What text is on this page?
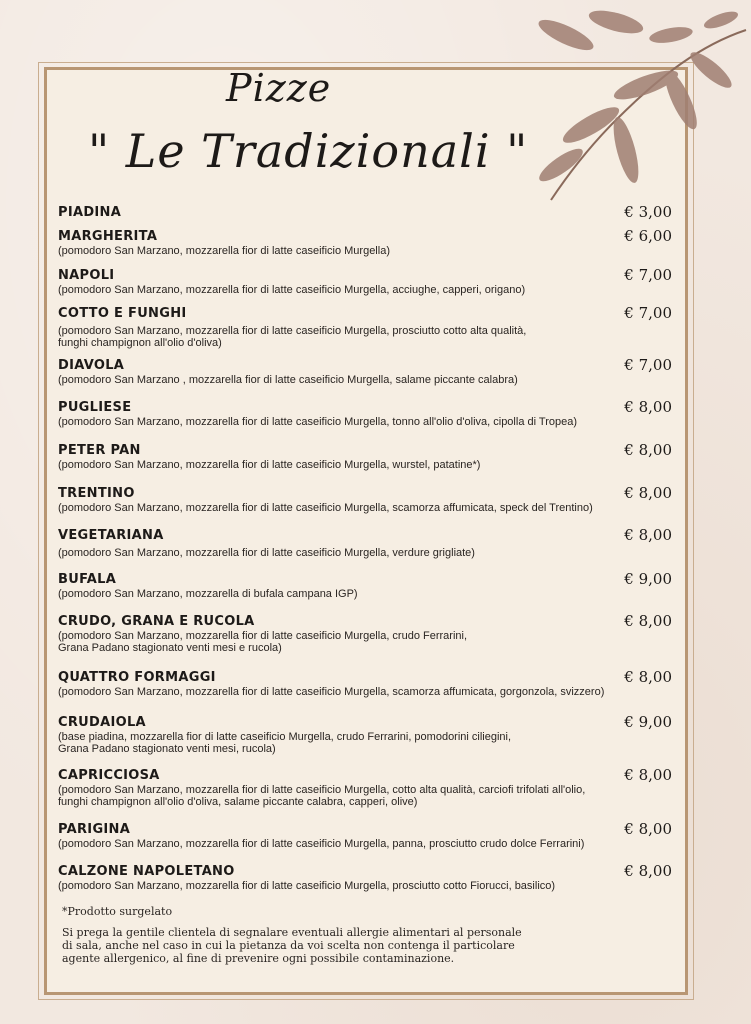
Pizze
" Le Tradizionali "
PIADINA	€ 3,00
MARGHERITA
(pomodoro San Marzano, mozzarella fior di latte caseificio Murgella)
€ 6,00
NAPOLI
(pomodoro San Marzano, mozzarella fior di latte caseificio Murgella, acciughe, capperi, origano)
€ 7,00
COTTO E FUNGHI
(pomodoro San Marzano, mozzarella fior di latte caseificio Murgella, prosciutto cotto alta qualità,
funghi champignon all'olio d'oliva)
€ 7,00
DIAVOLA
(pomodoro San Marzano , mozzarella fior di latte caseificio Murgella, salame piccante calabra)
€ 7,00
PUGLIESE
(pomodoro San Marzano, mozzarella fior di latte caseificio Murgella, tonno all'olio d'oliva, cipolla di Tropea)
€ 8,00
PETER PAN
(pomodoro San Marzano, mozzarella fior di latte caseificio Murgella, wurstel, patatine*)
€ 8,00
TRENTINO
(pomodoro San Marzano, mozzarella fior di latte caseificio Murgella, scamorza affumicata, speck del Trentino)
€ 8,00
VEGETARIANA
(pomodoro San Marzano, mozzarella fior di latte caseificio Murgella, verdure grigliate)
€ 8,00
BUFALA
(pomodoro San Marzano, mozzarella di bufala campana IGP)
€ 9,00
CRUDO, GRANA E RUCOLA
(pomodoro San Marzano, mozzarella fior di latte caseificio Murgella, crudo Ferrarini,
Grana Padano stagionato venti mesi e rucola)
€ 8,00
QUATTRO FORMAGGI
(pomodoro San Marzano, mozzarella fior di latte caseificio Murgella, scamorza affumicata, gorgonzola, svizzero)
€ 8,00
CRUDAIOLA
(base piadina, mozzarella fior di latte caseificio Murgella, crudo Ferrarini, pomodorini ciliegini,
Grana Padano stagionato venti mesi, rucola)
€ 9,00
CAPRICCIOSA
(pomodoro San Marzano, mozzarella fior di latte caseificio Murgella, cotto alta qualità, carciofi trifolati all'olio,
funghi champignon all'olio d'oliva, salame piccante calabra, capperi, olive)
€ 8,00
PARIGINA
(pomodoro San Marzano, mozzarella fior di latte caseificio Murgella, panna, prosciutto crudo dolce Ferrarini)
€ 8,00
CALZONE NAPOLETANO
(pomodoro San Marzano, mozzarella fior di latte caseificio Murgella, prosciutto cotto Fiorucci, basilico)
€ 8,00
*Prodotto surgelato
Si prega la gentile clientela di segnalare eventuali allergie alimentari al personale
di sala, anche nel caso in cui la pietanza da voi scelta non contenga il particolare
agente allergenico, al fine di prevenire ogni possibile contaminazione.
